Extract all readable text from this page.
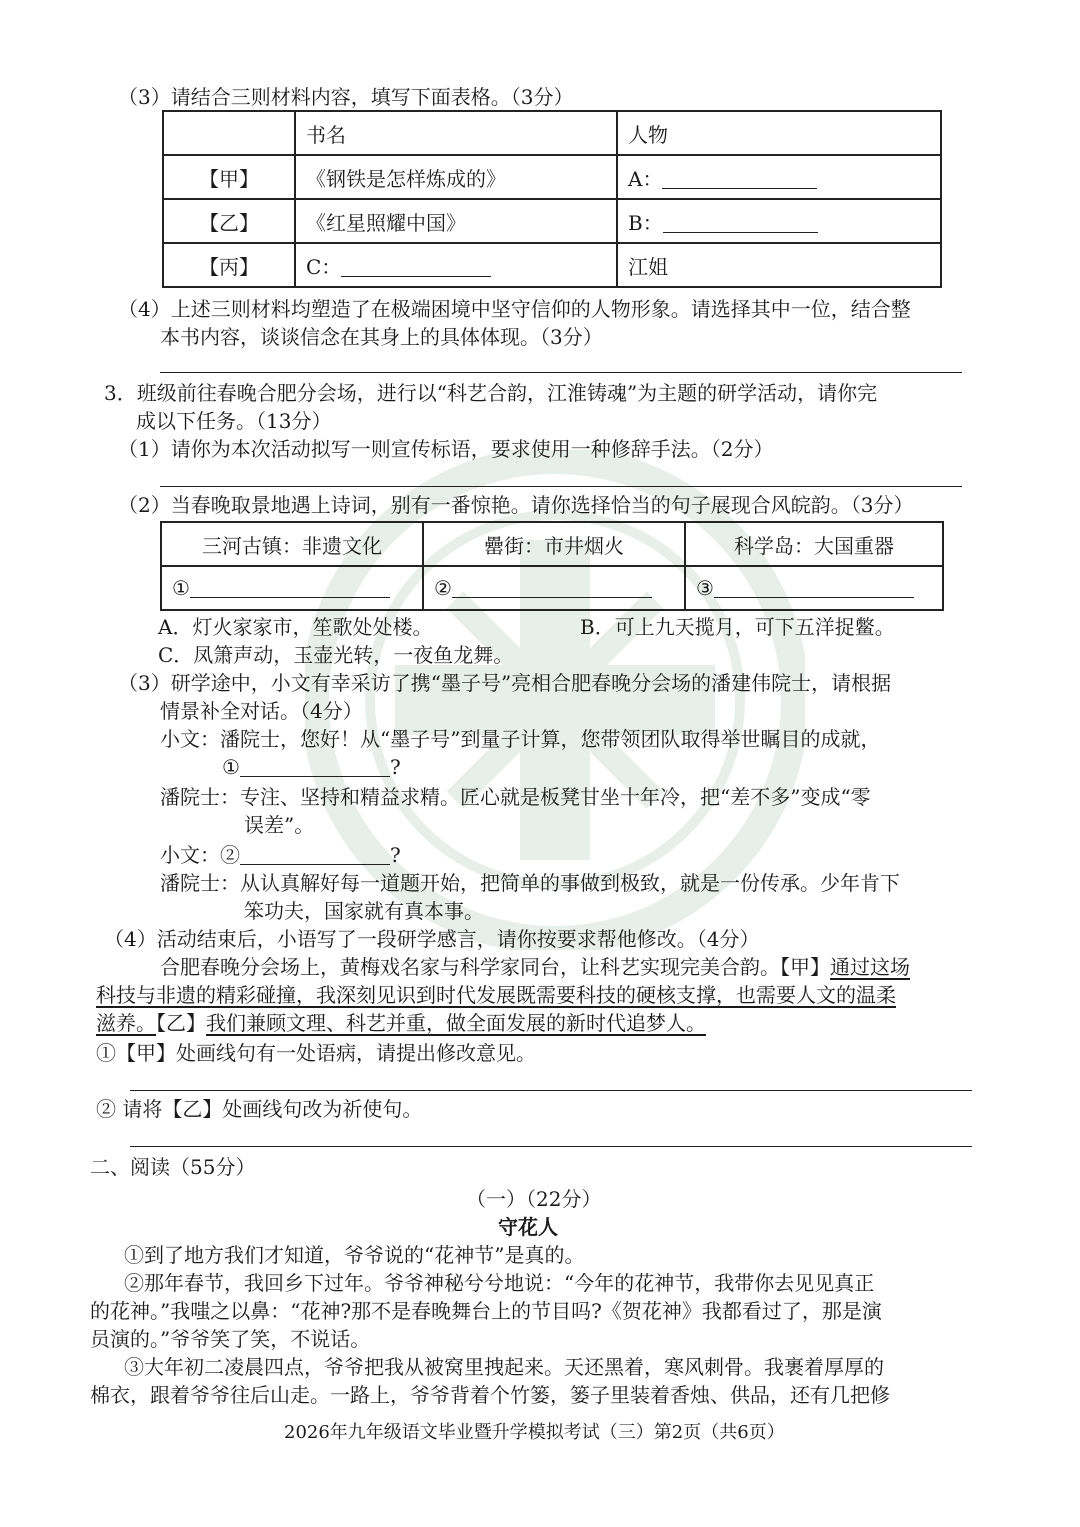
（3）请结合三则材料内容，填写下面表格。（3分）
	书名	人物
【甲】	《钢铁是怎样炼成的》	A：
【乙】	《红星照耀中国》	B：
【丙】	C：	江姐
（4）上述三则材料均塑造了在极端困境中坚守信仰的人物形象。请选择其中一位，结合整
本书内容，谈谈信念在其身上的具体体现。（3分）
3．班级前往春晚合肥分会场，进行以“科艺合韵，江淮铸魂”为主题的研学活动，请你完
成以下任务。（13分）
（1）请你为本次活动拟写一则宣传标语，要求使用一种修辞手法。（2分）
（2）当春晚取景地遇上诗词，别有一番惊艳。请你选择恰当的句子展现合风皖韵。（3分）
三河古镇：非遗文化	罍街：市井烟火	科学岛：大国重器
①	②	③
A．灯火家家市，笙歌处处楼。	B．可上九天揽月，可下五洋捉鳖。
C．凤箫声动，玉壶光转，一夜鱼龙舞。
（3）研学途中，小文有幸采访了携“墨子号”亮相合肥春晚分会场的潘建伟院士，请根据
情景补全对话。（4分）
小文：潘院士，您好！从“墨子号”到量子计算，您带领团队取得举世瞩目的成就，
①	?
潘院士：专注、坚持和精益求精。匠心就是板凳甘坐十年冷，把“差不多”变成“零
误差”。
小文：②	?
潘院士：从认真解好每一道题开始，把简单的事做到极致，就是一份传承。少年肯下
笨功夫，国家就有真本事。
（4）活动结束后，小语写了一段研学感言，请你按要求帮他修改。（4分）
合肥春晚分会场上，黄梅戏名家与科学家同台，让科艺实现完美合韵。【甲】通过这场
科技与非遗的精彩碰撞，我深刻见识到时代发展既需要科技的硬核支撑，也需要人文的温柔
滋养。【乙】我们兼顾文理、科艺并重，做全面发展的新时代追梦人。
①【甲】处画线句有一处语病，请提出修改意见。
② 请将【乙】处画线句改为祈使句。
二、阅读（55分）
（一）（22分）
守花人
①到了地方我们才知道，爷爷说的“花神节”是真的。
②那年春节，我回乡下过年。爷爷神秘兮兮地说：“今年的花神节，我带你去见见真正
的花神。”我嗤之以鼻：“花神?那不是春晚舞台上的节目吗?《贺花神》我都看过了，那是演
员演的。”爷爷笑了笑，不说话。
③大年初二凌晨四点，爷爷把我从被窝里拽起来。天还黑着，寒风刺骨。我裹着厚厚的
棉衣，跟着爷爷往后山走。一路上，爷爷背着个竹篓，篓子里装着香烛、供品，还有几把修
2026年九年级语文毕业暨升学模拟考试（三）第2页（共6页）
